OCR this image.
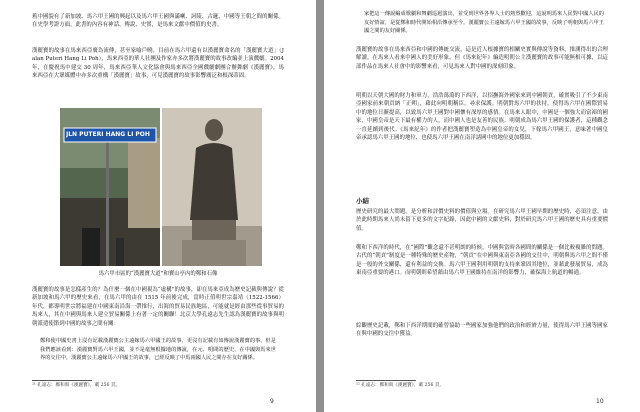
舊中國貌有了新加坡、馬六甲王國的興起以及馬六甲王國與滿喇、訶陵、古邏、中國等王朝之間的關係。在史學考證方面，此書的內容有神話、傳說、史實，是馬來文獻中價值的史書。
漢麗寶的故事在馬來西亞廣為流傳，甚至家喻戶曉。目前在馬六甲還有以漢麗寶命名的「漢麗寶大道」（Jalan Puteri Hang Li Poh），馬來西亞的華人社團及作家亦多次將漢麗寶的故事改編並上演戲劇。2004 年，在慶祝馬中建交 30 周年，馬來西亞華人文化協會與馬來西亞全國戲劇劇團合辦舞劇《漢麗寶》。馬來西亞在大眾媒體中亦多次重構「漢麗寶」故事，可見漢麗寶的故事影響廣泛和根深蒂固。
JLN PUTERI HANG LI POH
馬六甲市區的“漢麗寶大道”和寶山亭內的鄭和石像
漢麗寶的故事是怎樣產生的？為什麼一個在中國視為“虛構”的故事，卻在馬來亞成為歷史記載與傳說？從新加坡和馬六甲的歷史來看，在馬六甲的由在 1515 年前後完成，當時正值明世宗嘉靖（1522-1566）年代，都導明世宗將福建在中國東南沿海一帶推行，出海的貿易民族地區，可能就是經由那些從事貿易的馬來人，其在中國與馬來人建立貿易關係上有著一定的關聯！北京大學孔遠志先生認為漢麗寶的故事與明朝派遣使節到中國的故事之間有關：
鄭和使中國史書上沒有記載漢麗寶公主遠嫁馬六甲國王的故事，更沒有記載有如傳說漢麗寶的事，但是我們應該看到：漢麗寶對馬六甲王國，並不是毫無根據地的傳說，在元、明間的歷史、在中國與馬來世界的交往中，漢麗寶公主遠嫁馬六甲國王的故事，已經反映了中馬兩國人民之間存在友好關係。
²¹ 孔遠志：鄭和與《漢麗寶》，載 256 頁。
9
家把這一傳說編成歌劇和舞劇巡迴演出，並受到世界各界人士的熱烈歡迎，這說明馬來人民對中國人民的友好情誼，是從鄭和時代開始相沿傳承至今。漢麗寶公主遠嫁馬六甲王國的故事，反映了明朝與馬六甲王國之間的友好關係。
漢麗寶的故事在馬來西亞和中國的傳統交流，這是近人根據寶的相關史實與傳說等資料，推測得出的合理解讀。在馬來人看來中國人的美好形象，但《馬來紀年》編造明朝公主漢麗寶的故事可能無根可據，以這部作品在馬來人社會中的影響來看，可見馬來人對中國的深刻印象。
明朝以天朝大國的財力和軍力，浩浩蕩蕩的下西洋，以招撫海外國家來到中國朝貢，確實吸引了不少東南亞國家前來朝貢納「正朔」，藉此向明朝稱臣，尋求保護。明朝對馬六甲的扶持，使得馬六甲在國際貿易中的地位日漸提高，以致馬六甲王國對中國懷有深厚的感情。在馬來人眼中，中國是一個強大而富裕的國家，中國皇帝是天下最有權力的人，而中國人也是友善的民族。明朝成為馬六甲王國的保護者，這種觀念一直延續到後代。《馬來紀年》的作者把漢麗寶塑造為中國皇帝的女兒，下嫁馬六甲國王，意味著中國皇帝承認馬六甲王國的地位，也使馬六甲王國在南洋諸國中的地位更加穩固。
小結
歷史研究的最大問題，是分析和評價史料的價值與立場。在研究馬六甲王國早期的歷史時，必須注意，由於此時期馬來人尚未留下更多的文字紀錄，因此中國的文獻史料，對於研究馬六甲王國的歷史具有重要價值。
鄭和下西洋的時代，在“國際”觀念還不甚明朗的時候，中國與當時各國間的關係是一個比較複雜的問題。古代的“朝貢”制度是一種特殊的歷史產物，“朝貢”在中國與東南亞各國的交往中，明朝與馬六甲之間不僅是一般的外交關係，還有利益的交換。馬六甲王國利用明朝的支持來鞏固其地位，並藉此發展貿易，成為東南亞重要的港口。而明朝則希望藉由馬六甲王國維持在南洋的影響力，確保海上航道的暢通。
綜觀歷史記載，鄭和下西洋期間的確曾協助一些國家加強他們的政治和經濟力量，使得馬六甲王國等國家在與中國的交往中獲益。
²² 孔遠志：鄭和與《漢麗寶》，載 256 頁。
10
